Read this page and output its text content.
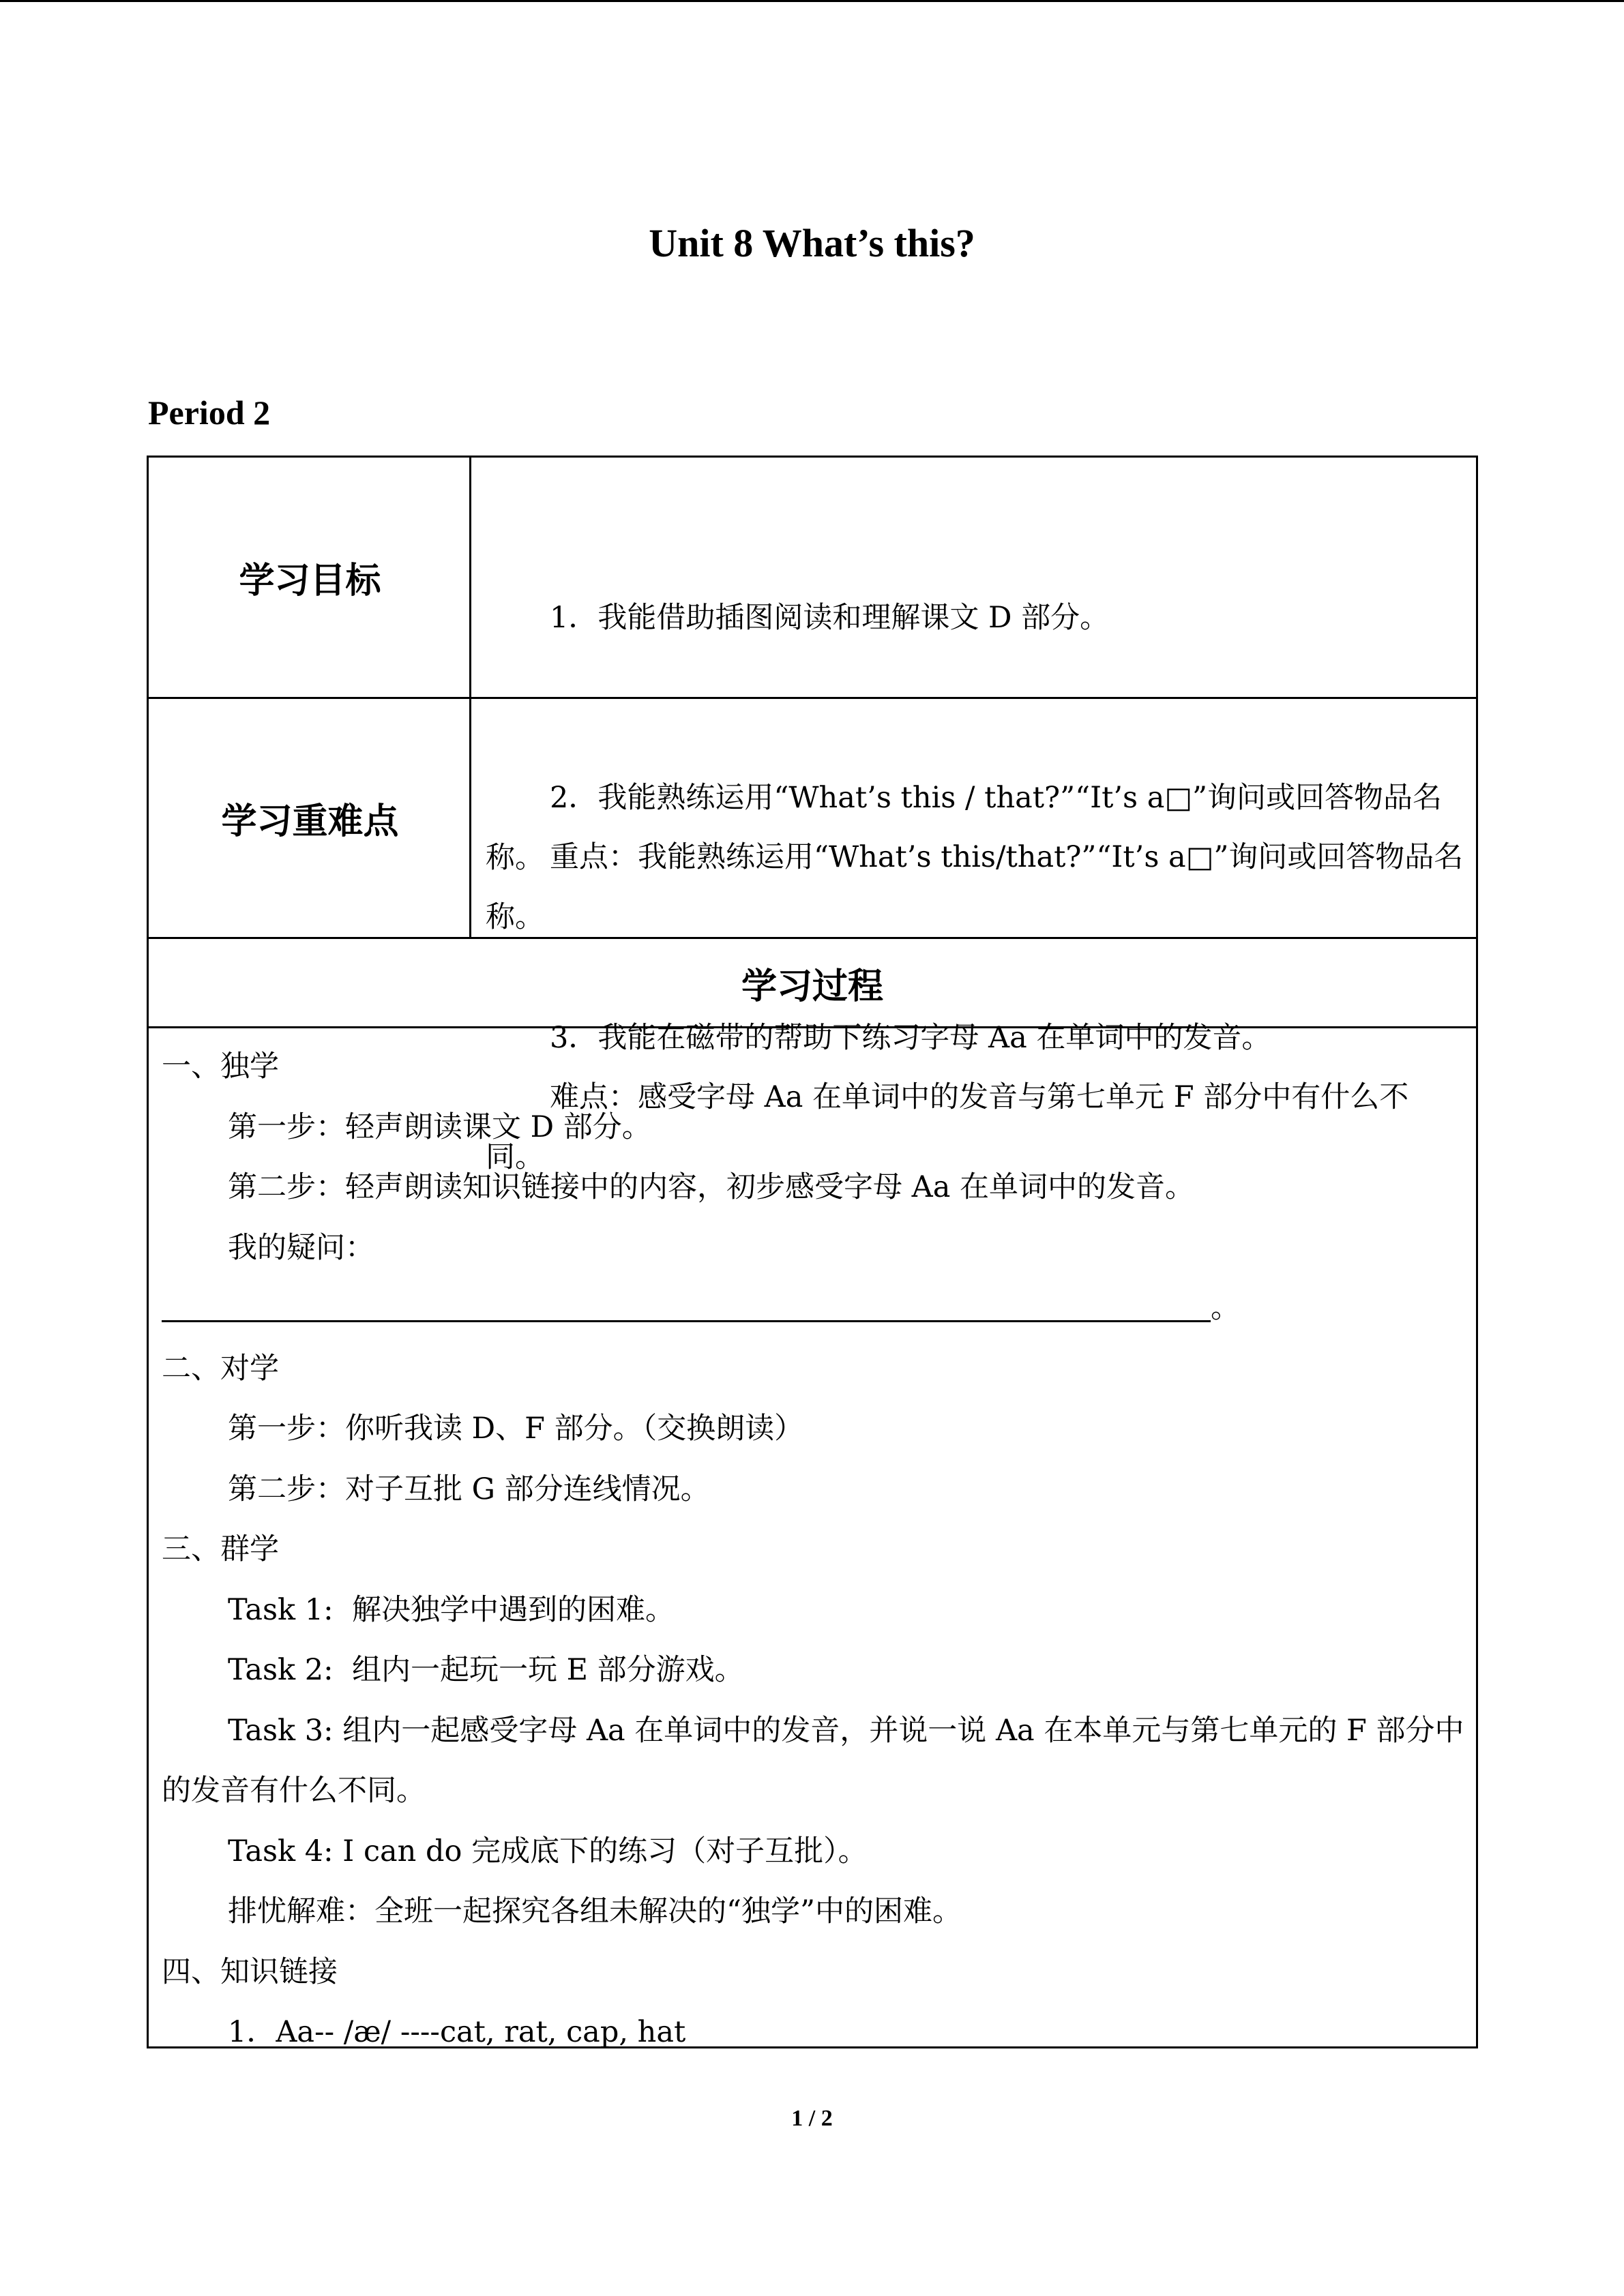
Unit 8 What’s this?
Period 2
学习目标

1．我能借助插图阅读和理解课文 D 部分。

2．我能熟练运用“What’s this / that?”“It’s a□”询问或回答物品名称。

3．我能在磁带的帮助下练习字母 Aa 在单词中的发音。

学习重难点

重点：我能熟练运用“What’s this/that?”“It’s a□”询问或回答物品名称。

难点：感受字母 Aa 在单词中的发音与第七单元 F 部分中有什么不同。

学习过程

一、独学

第一步：轻声朗读课文 D 部分。

第二步：轻声朗读知识链接中的内容，初步感受字母 Aa 在单词中的发音。

我的疑问：

。

二、对学

第一步：你听我读 D、F 部分。（交换朗读）

第二步：对子互批 G 部分连线情况。

三、群学

Task 1:  解决独学中遇到的困难。

Task 2:  组内一起玩一玩 E 部分游戏。

Task 3: 组内一起感受字母 Aa 在单词中的发音，并说一说 Aa 在本单元与第七单元的 F 部分中的发音有什么不同。

Task 4: I can do 完成底下的练习（对子互批）。

排忧解难：全班一起探究各组未解决的“独学”中的困难。

四、知识链接

1．Aa-- /æ/ ----cat, rat, cap, hat

1 / 2
